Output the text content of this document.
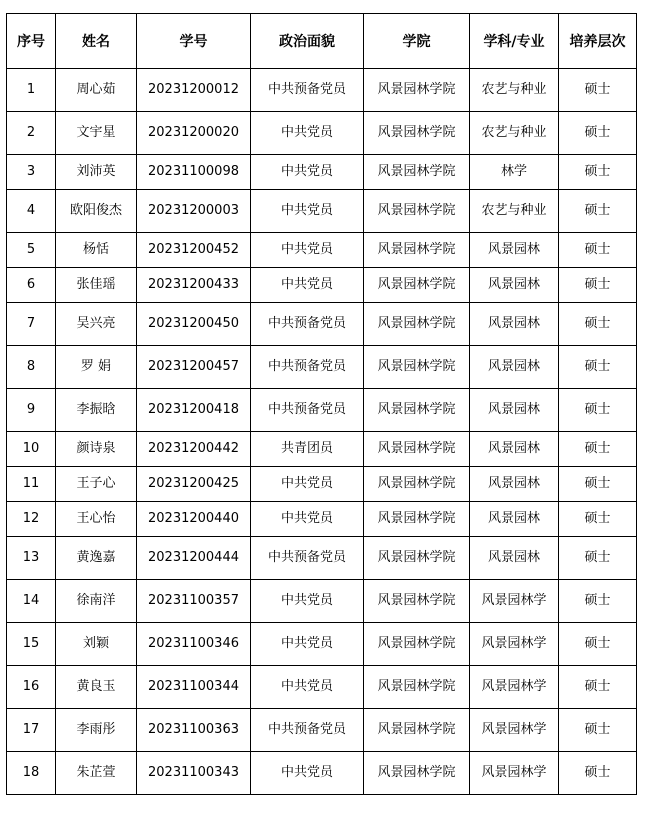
序号	姓名	学号	政治面貌	学院	学科/专业	培养层次
1	周心茹	20231200012	中共预备党员	风景园林学院	农艺与种业	硕士
2	文宇星	20231200020	中共党员	风景园林学院	农艺与种业	硕士
3	刘沛英	20231100098	中共党员	风景园林学院	林学	硕士
4	欧阳俊杰	20231200003	中共党员	风景园林学院	农艺与种业	硕士
5	杨恬	20231200452	中共党员	风景园林学院	风景园林	硕士
6	张佳瑶	20231200433	中共党员	风景园林学院	风景园林	硕士
7	吴兴亮	20231200450	中共预备党员	风景园林学院	风景园林	硕士
8	罗 娟	20231200457	中共预备党员	风景园林学院	风景园林	硕士
9	李振晗	20231200418	中共预备党员	风景园林学院	风景园林	硕士
10	颜诗泉	20231200442	共青团员	风景园林学院	风景园林	硕士
11	王子心	20231200425	中共党员	风景园林学院	风景园林	硕士
12	王心怡	20231200440	中共党员	风景园林学院	风景园林	硕士
13	黄逸嘉	20231200444	中共预备党员	风景园林学院	风景园林	硕士
14	徐南洋	20231100357	中共党员	风景园林学院	风景园林学	硕士
15	刘颖	20231100346	中共党员	风景园林学院	风景园林学	硕士
16	黄良玉	20231100344	中共党员	风景园林学院	风景园林学	硕士
17	李雨彤	20231100363	中共预备党员	风景园林学院	风景园林学	硕士
18	朱芷萱	20231100343	中共党员	风景园林学院	风景园林学	硕士
